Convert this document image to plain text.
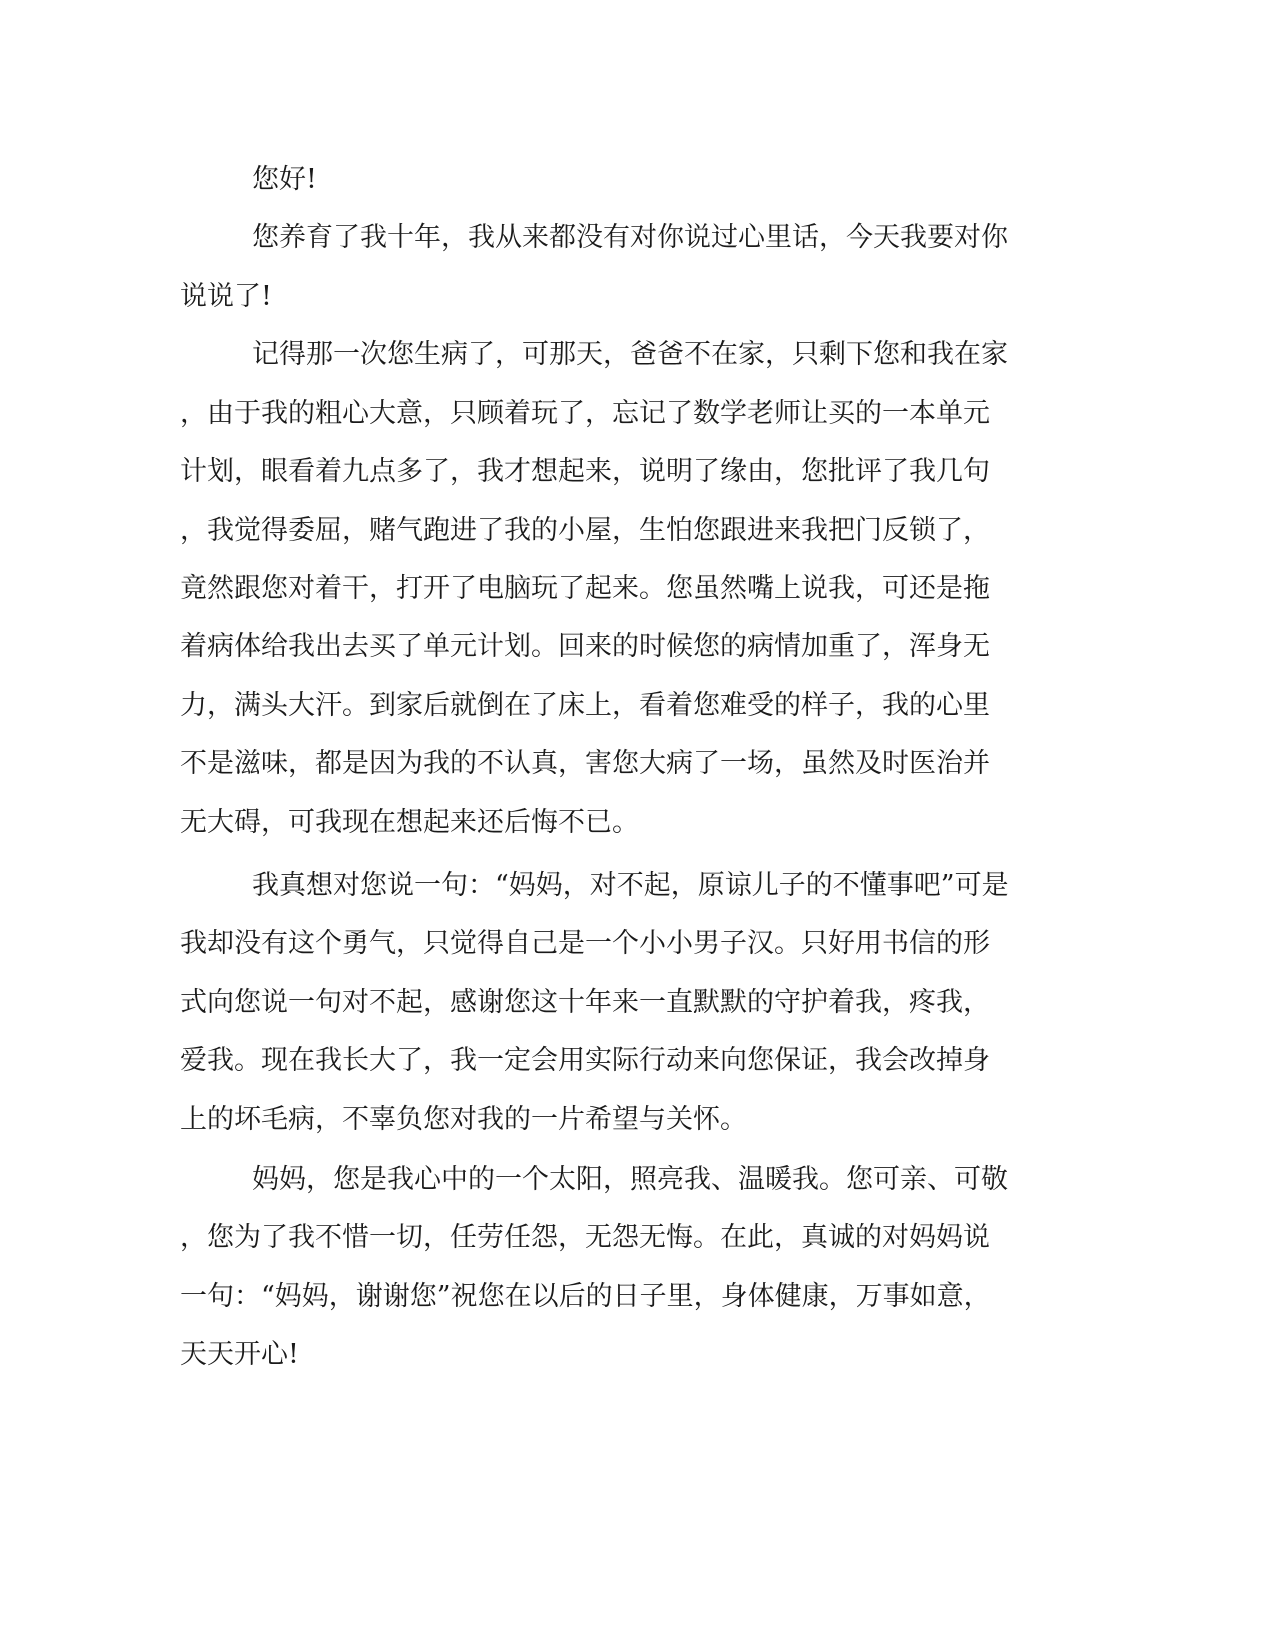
您好!

您养育了我十年，我从来都没有对你说过心里话，今天我要对你

说说了!

记得那一次您生病了，可那天，爸爸不在家，只剩下您和我在家

，由于我的粗心大意，只顾着玩了，忘记了数学老师让买的一本单元

计划，眼看着九点多了，我才想起来，说明了缘由，您批评了我几句

，我觉得委屈，赌气跑进了我的小屋，生怕您跟进来我把门反锁了，

竟然跟您对着干，打开了电脑玩了起来。您虽然嘴上说我，可还是拖

着病体给我出去买了单元计划。回来的时候您的病情加重了，浑身无

力，满头大汗。到家后就倒在了床上，看着您难受的样子，我的心里

不是滋味，都是因为我的不认真，害您大病了一场，虽然及时医治并

无大碍，可我现在想起来还后悔不已。

我真想对您说一句：“妈妈，对不起，原谅儿子的不懂事吧”可是

我却没有这个勇气，只觉得自己是一个小小男子汉。只好用书信的形

式向您说一句对不起，感谢您这十年来一直默默的守护着我，疼我，

爱我。现在我长大了，我一定会用实际行动来向您保证，我会改掉身

上的坏毛病，不辜负您对我的一片希望与关怀。

妈妈，您是我心中的一个太阳，照亮我、温暖我。您可亲、可敬

，您为了我不惜一切，任劳任怨，无怨无悔。在此，真诚的对妈妈说

一句：“妈妈，谢谢您”祝您在以后的日子里，身体健康，万事如意，

天天开心!
